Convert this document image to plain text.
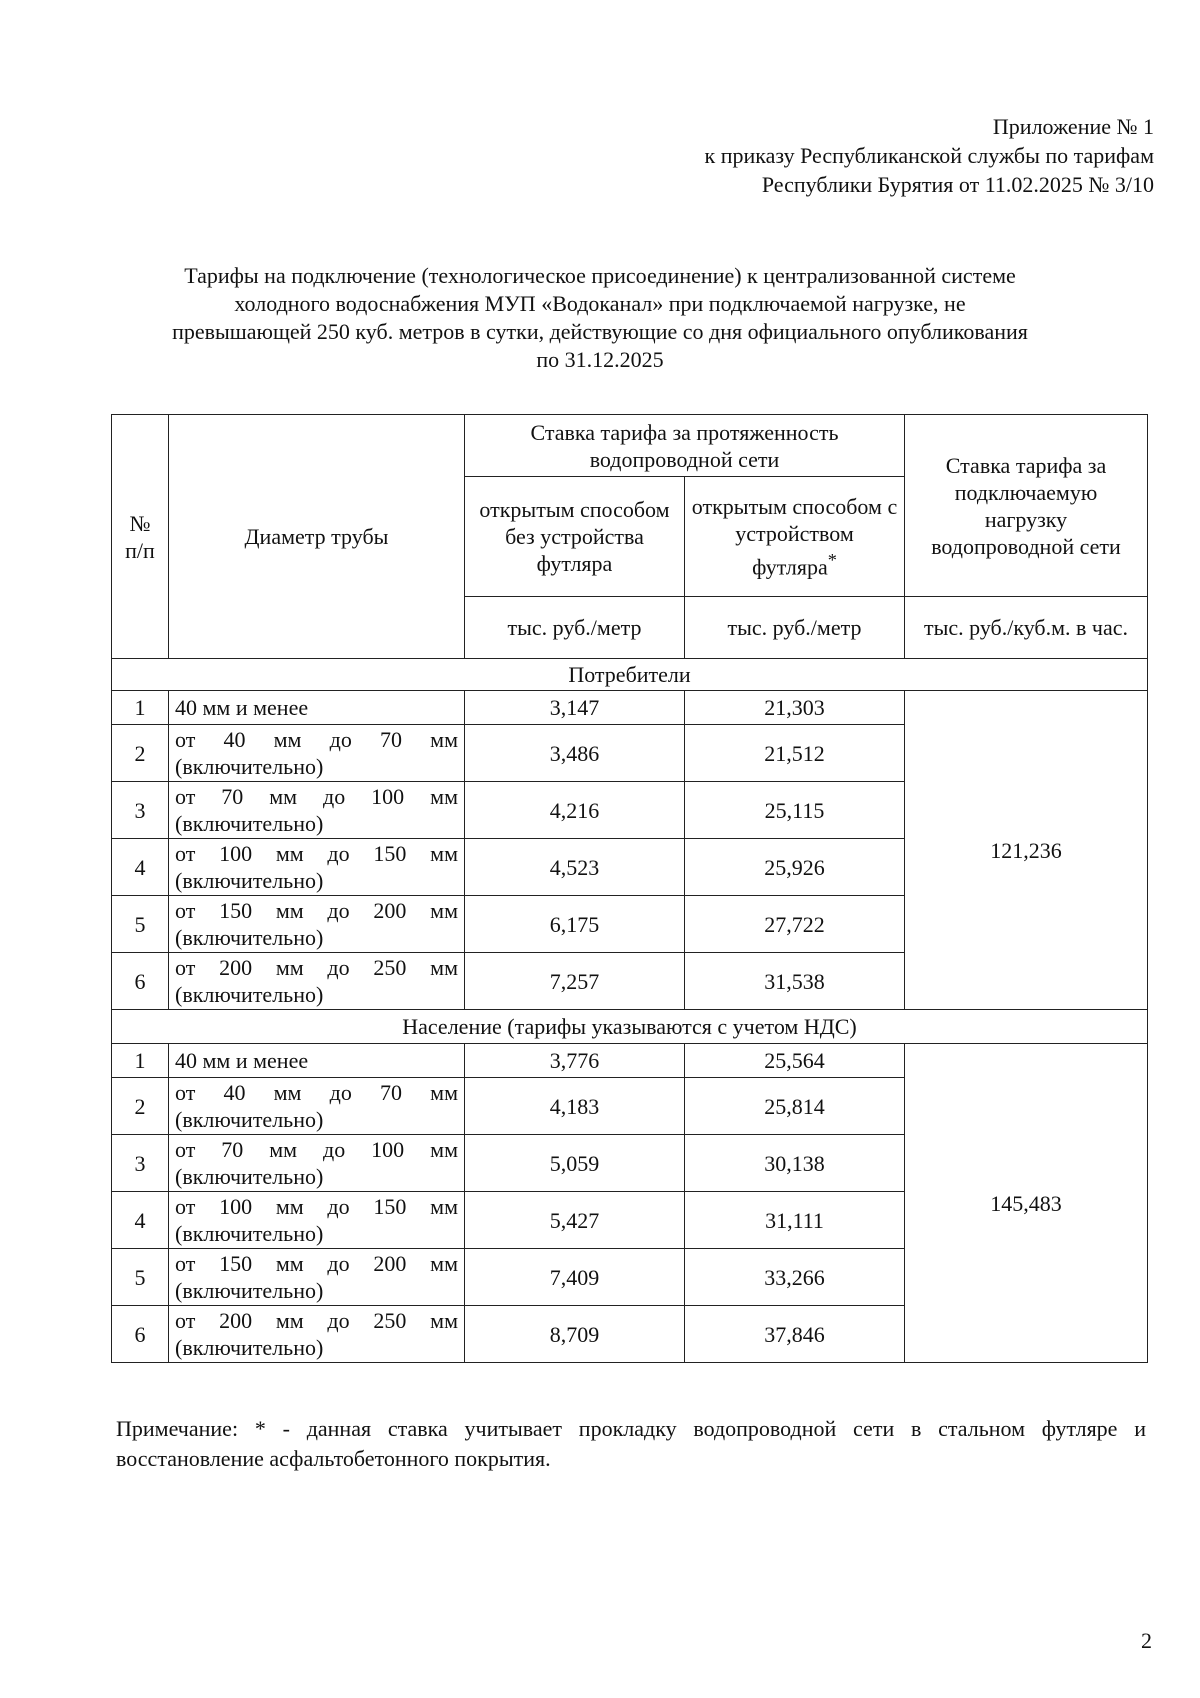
Приложение № 1
к приказу Республиканской службы по тарифам
Республики Бурятия от 11.02.2025 № 3/10
Тарифы на подключение (технологическое присоединение) к централизованной системе
холодного водоснабжения МУП «Водоканал» при подключаемой нагрузке, не
превышающей 250 куб. метров в сутки, действующие со дня официального опубликования
по 31.12.2025
№ п/п	Диаметр трубы	Ставка тарифа за протяженность водопроводной сети		Ставка тарифа за подключаемую нагрузку водопроводной сети
		открытым способом без устройства футляра	открытым способом с устройством футляра*
		тыс. руб./метр	тыс. руб./метр	тыс. руб./куб.м. в час.
Потребители				
1	40 мм и менее	3,147	21,303	121,236
2	от 40 мм до 70 мм
(включительно)	3,486	21,512	
3	от 70 мм до 100 мм
(включительно)	4,216	25,115	
4	от 100 мм до 150 мм
(включительно)	4,523	25,926	
5	от 150 мм до 200 мм
(включительно)	6,175	27,722	
6	от 200 мм до 250 мм
(включительно)	7,257	31,538	
Население (тарифы указываются с учетом НДС)				
1	40 мм и менее	3,776	25,564	145,483
2	от 40 мм до 70 мм
(включительно)	4,183	25,814	
3	от 70 мм до 100 мм
(включительно)	5,059	30,138	
4	от 100 мм до 150 мм
(включительно)	5,427	31,111	
5	от 150 мм до 200 мм
(включительно)	7,409	33,266	
6	от 200 мм до 250 мм
(включительно)	8,709	37,846	
Примечание: * - данная ставка учитывает прокладку водопроводной сети в стальном футляре и восстановление асфальтобетонного покрытия.
2
